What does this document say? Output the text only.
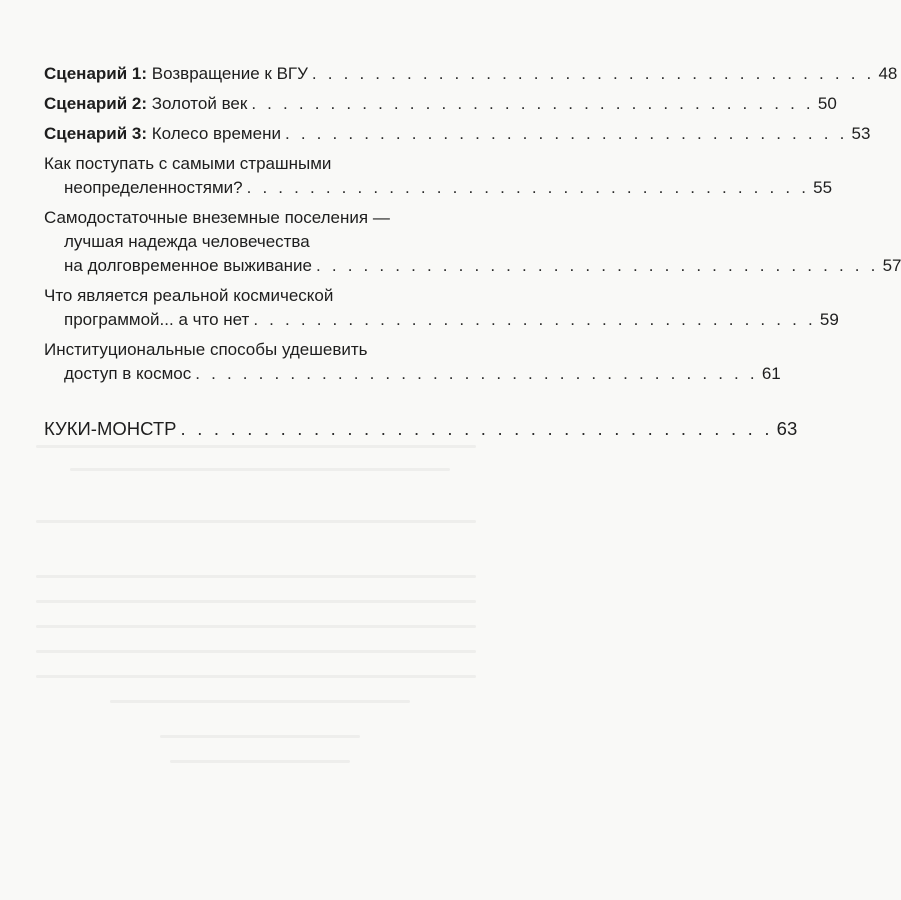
Сценарий 1: Возвращение к ВГУ . . . . . . . . . . . . . . . . . . . . . . . . . . . . . . . . . . . . 48
Сценарий 2: Золотой век . . . . . . . . . . . . . . . . . . . . . . . . . . . . . . . . . . . . 50
Сценарий 3: Колесо времени . . . . . . . . . . . . . . . . . . . . . . . . . . . . . . . . . . . . 53
Как поступать с самыми страшными
неопределенностями? . . . . . . . . . . . . . . . . . . . . . . . . . . . . . . . . . . . . 55
Самодостаточные внеземные поселения —
лучшая надежда человечества
на долговременное выживание . . . . . . . . . . . . . . . . . . . . . . . . . . . . . . . . . . . . 57
Что является реальной космической
программой... а что нет . . . . . . . . . . . . . . . . . . . . . . . . . . . . . . . . . . . . 59
Институциональные способы удешевить
доступ в космос . . . . . . . . . . . . . . . . . . . . . . . . . . . . . . . . . . . . 61
КУКИ-МОНСТР . . . . . . . . . . . . . . . . . . . . . . . . . . . . . . . . . . . . 63
